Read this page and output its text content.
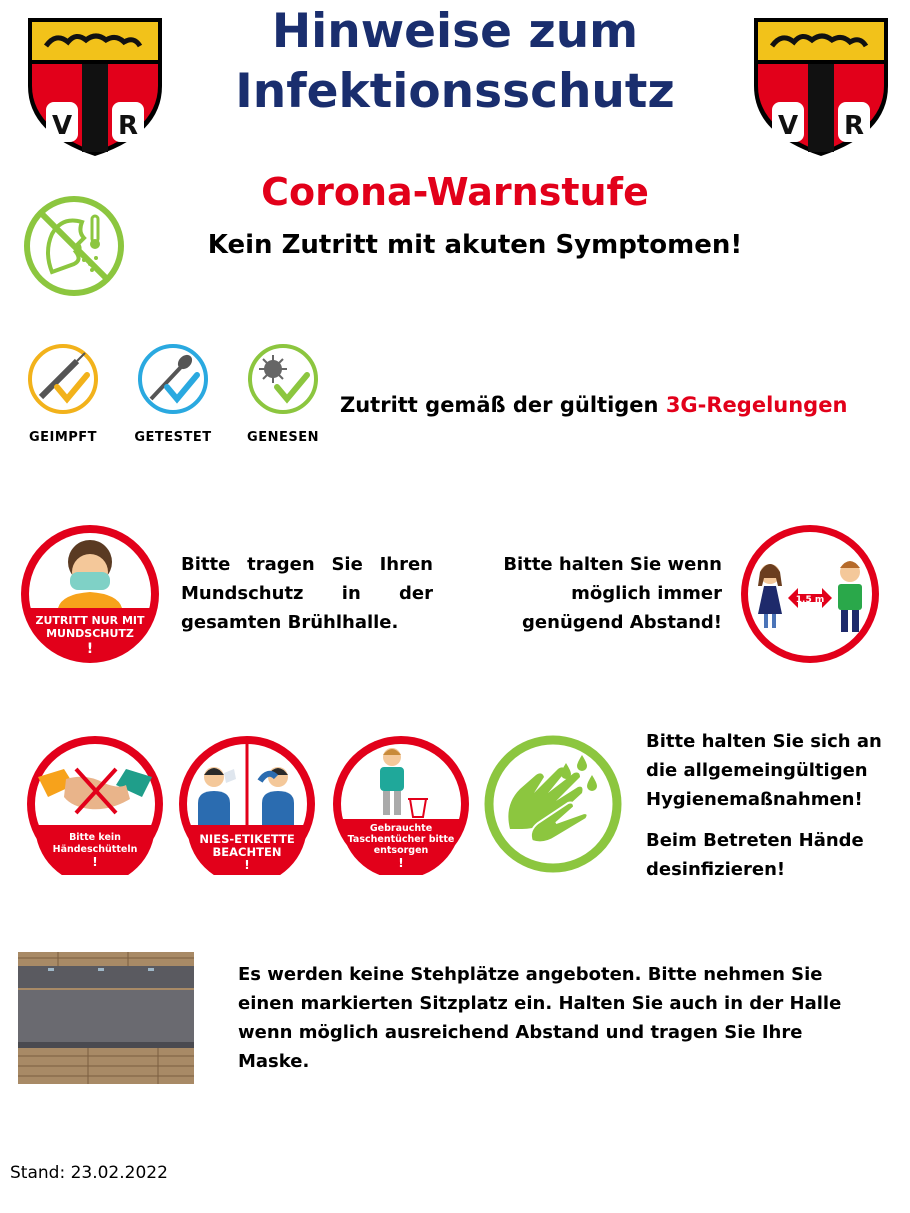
V R	V R
Hinweise zum
Infektionsschutz
Corona-Warnstufe
Kein Zutritt mit akuten Symptomen!
GEIMPFT	GETESTET	GENESEN
Zutritt gemäß der gültigen 3G-Regelungen
ZUTRITT NUR MIT
MUNDSCHUTZ
!
Bitte tragen Sie Ihren
Mundschutz in der
gesamten Brühlhalle.
Bitte halten Sie wenn
möglich immer
genügend Abstand!
1,5 m
Bitte kein
Händeschütteln
!
NIES-ETIKETTE
BEACHTEN
!
Gebrauchte
Taschentücher bitte
entsorgen
!
Bitte halten Sie sich an
die allgemeingültigen
Hygienemaßnahmen!
Beim Betreten Hände
desinfizieren!
Es werden keine Stehplätze angeboten. Bitte nehmen Sie
einen markierten Sitzplatz ein. Halten Sie auch in der Halle
wenn möglich ausreichend Abstand und tragen Sie Ihre
Maske.
Stand: 23.02.2022
